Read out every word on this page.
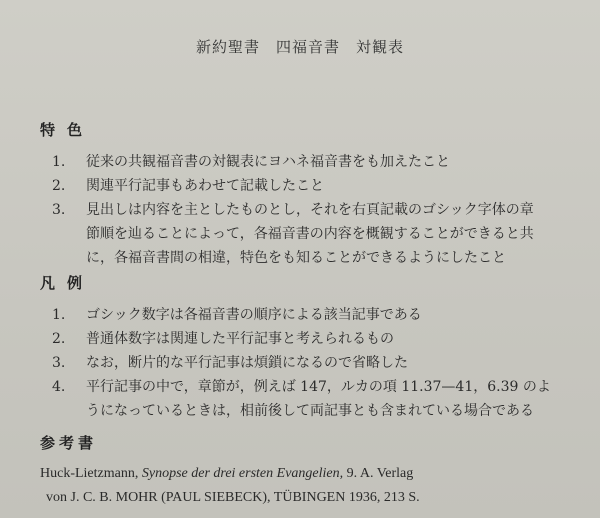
新約聖書　四福音書　対観表
特色
1.	従来の共観福音書の対観表にヨハネ福音書をも加えたこと
2.	関連平行記事もあわせて記載したこと
3.	見出しは内容を主としたものとし，それを右頁記載のゴシック字体の章
節順を辿ることによって，各福音書の内容を概観することができると共
に，各福音書間の相違，特色をも知ることができるようにしたこと
凡例
1.	ゴシック数字は各福音書の順序による該当記事である
2.	普通体数字は関連した平行記事と考えられるもの
3.	なお，断片的な平行記事は煩鎖になるので省略した
4.	平行記事の中で，章節が，例えば 147，ルカの項 11.37—41，6.39 のよ
うになっているときは，相前後して両記事とも含まれている場合である
参考書
Huck-Lietzmann, Synopse der drei ersten Evangelien, 9. A. Verlag
von J. C. B. MOHR (PAUL SIEBECK), TÜBINGEN 1936, 213 S.
